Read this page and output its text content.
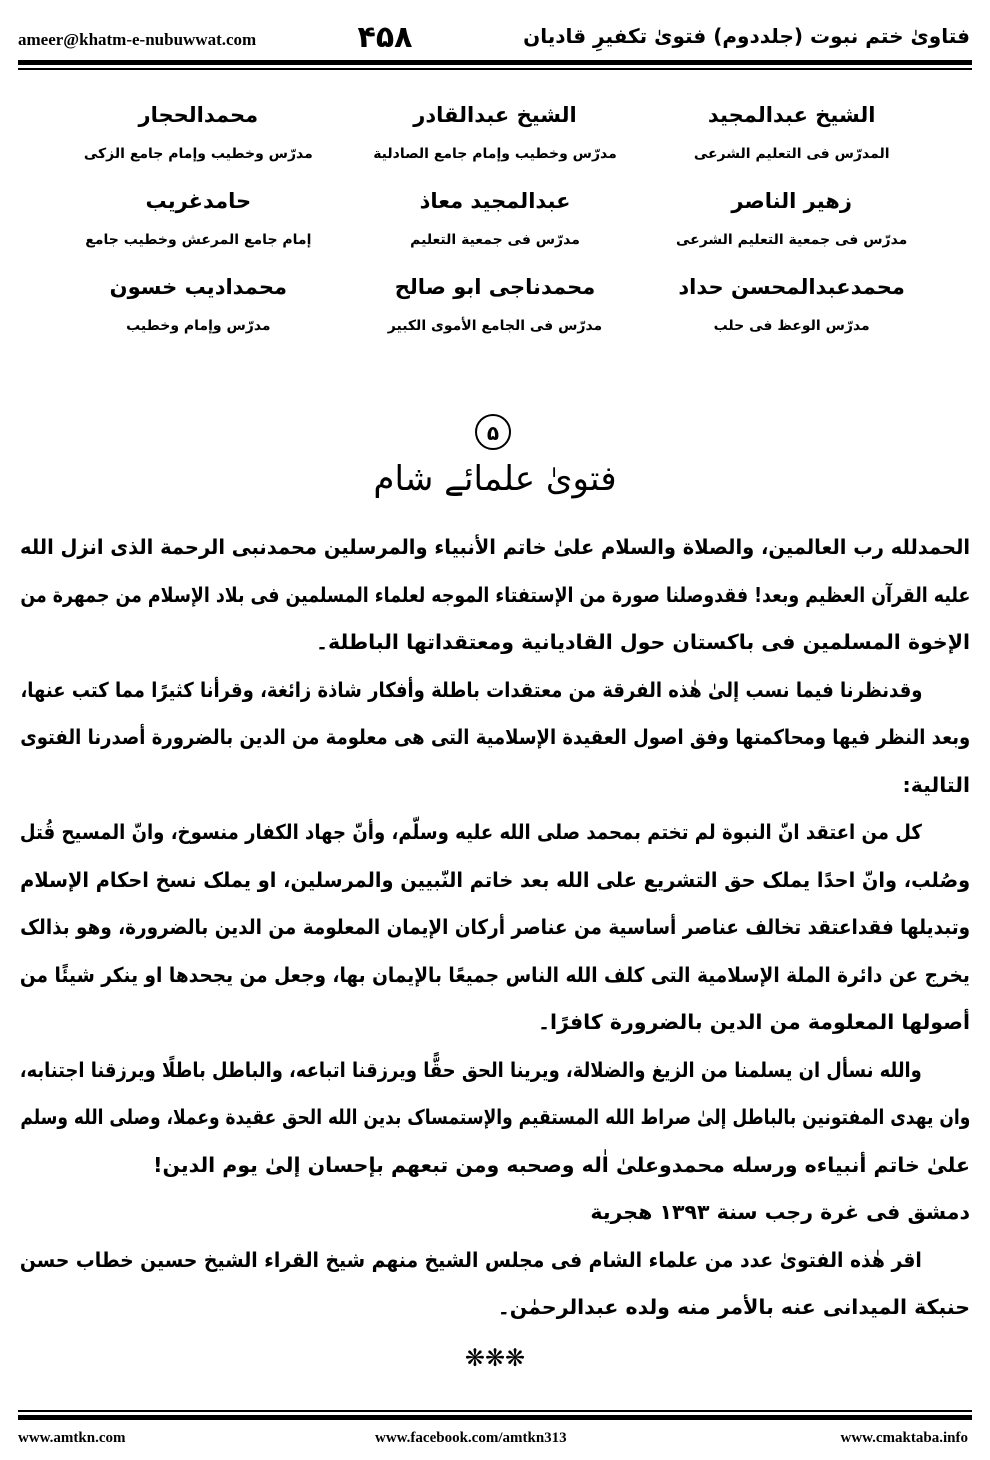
ameer@khatm-e-nubuwwat.com	۴۵۸	فتاویٰ ختم نبوت (جلددوم) فتویٰ تکفیرِ قادیان
الشيخ عبدالمجيد
المدرّس فی التعليم الشرعی
الشيخ عبدالقادر
مدرّس وخطيب وإمام جامع الصادلية
محمدالحجار
مدرّس وخطيب وإمام جامع الزكی
زهير الناصر
مدرّس فی جمعية التعليم الشرعی
عبدالمجيد معاذ
مدرّس فی جمعية التعليم
حامدغريب
إمام جامع المرعش وخطيب جامع
محمدعبدالمحسن حداد
مدرّس الوعظ فی حلب
محمدناجی ابو صالح
مدرّس فی الجامع الأموی الكبير
محمداديب خسون
مدرّس وإمام وخطيب
۵
فتویٰ علمائے شام
الحمدلله رب العالمين، والصلاة والسلام علىٰ خاتم الأنبياء والمرسلين محمدنبی الرحمة الذی انزل الله
عليه القرآن العظيم وبعد! فقدوصلنا صورة من الإستفتاء الموجه لعلماء المسلمين فی بلاد الإسلام من جمهرة من
الإخوة المسلمين فی باكستان حول القاديانية ومعتقداتها الباطلة۔
وقدنظرنا فيما نسب إلیٰ هٰذه الفرقة من معتقدات باطلة وأفكار شاذة زائغة، وقرأنا كثيرًا مما كتب عنها،
وبعد النظر فيها ومحاكمتها وفق اصول العقيدة الإسلامية التی هی معلومة من الدين بالضرورة أصدرنا الفتوی
التالية:
كل من اعتقد انّ النبوة لم تختم بمحمد صلی الله عليه وسلّم، وأنّ جهاد الكفار منسوخ، وانّ المسيح قُتل
وصُلب، وانّ احدًا يملک حق التشريع علی الله بعد خاتم النّبيين والمرسلين، او يملک نسخ احكام الإسلام
وتبديلها فقداعتقد تخالف عناصر أساسية من عناصر أركان الإيمان المعلومة من الدين بالضرورة، وهو بذالک
يخرج عن دائرة الملة الإسلامية التی كلف الله الناس جميعًا بالإيمان بها، وجعل من يجحدها او ينكر شيئًا من
أصولها المعلومة من الدين بالضرورة كافرًا۔
والله نسأل ان يسلمنا من الزيغ والضلالة، ويرينا الحق حقًّا ويرزقنا اتباعه، والباطل باطلًا ويرزقنا اجتنابه،
وان يهدی المفتونين بالباطل إلیٰ صراط الله المستقيم والإستمساک بدين الله الحق عقيدة وعملا، وصلی الله وسلم
علیٰ خاتم أنبياءه ورسله محمدوعلیٰ اٰله وصحبه ومن تبعهم بإحسان إلیٰ يوم الدين!
دمشق فی غرة رجب سنة ١٣٩٣ هجرية
اقر هٰذه الفتویٰ عدد من علماء الشام فی مجلس الشيخ منهم شيخ القراء الشيخ حسين خطاب حسن
حنبكة الميدانی عنه بالأمر منه ولده عبدالرحمٰن۔
❋❋❋
www.amtkn.com	www.facebook.com/amtkn313	www.cmaktaba.info
